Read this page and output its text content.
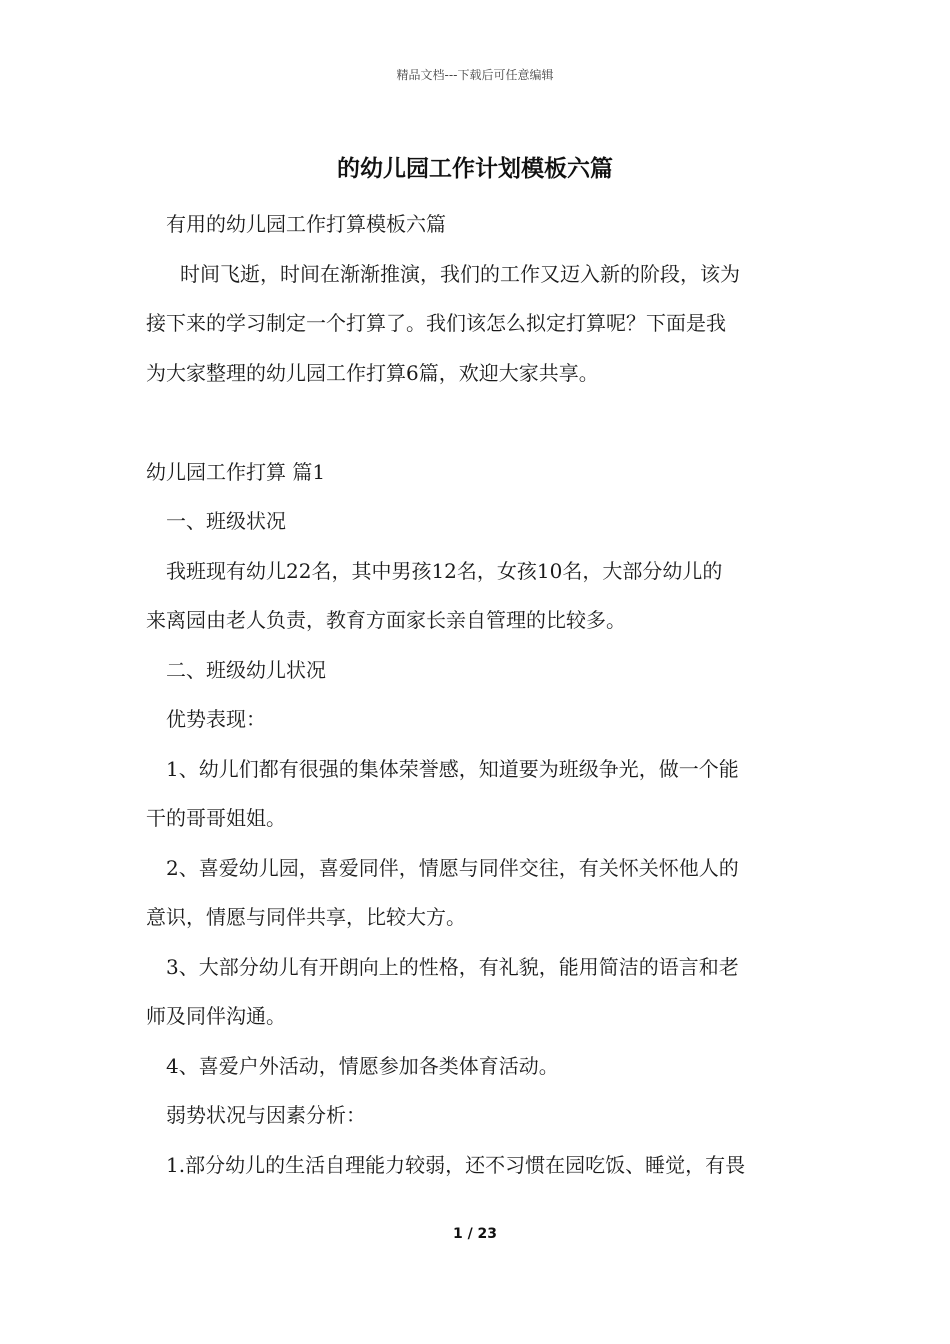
精品文档---下载后可任意编辑
的幼儿园工作计划模板六篇

有用的幼儿园工作打算模板六篇

时间飞逝，时间在渐渐推演，我们的工作又迈入新的阶段，该为

接下来的学习制定一个打算了。我们该怎么拟定打算呢？下面是我

为大家整理的幼儿园工作打算6篇，欢迎大家共享。

幼儿园工作打算 篇1

一、班级状况

我班现有幼儿22名，其中男孩12名，女孩10名，大部分幼儿的

来离园由老人负责，教育方面家长亲自管理的比较多。

二、班级幼儿状况

优势表现：

1、幼儿们都有很强的集体荣誉感，知道要为班级争光，做一个能

干的哥哥姐姐。

2、喜爱幼儿园，喜爱同伴，情愿与同伴交往，有关怀关怀他人的

意识，情愿与同伴共享，比较大方。

3、大部分幼儿有开朗向上的性格，有礼貌，能用简洁的语言和老

师及同伴沟通。

4、喜爱户外活动，情愿参加各类体育活动。

弱势状况与因素分析：

1.部分幼儿的生活自理能力较弱，还不习惯在园吃饭、睡觉，有畏

1 / 23
